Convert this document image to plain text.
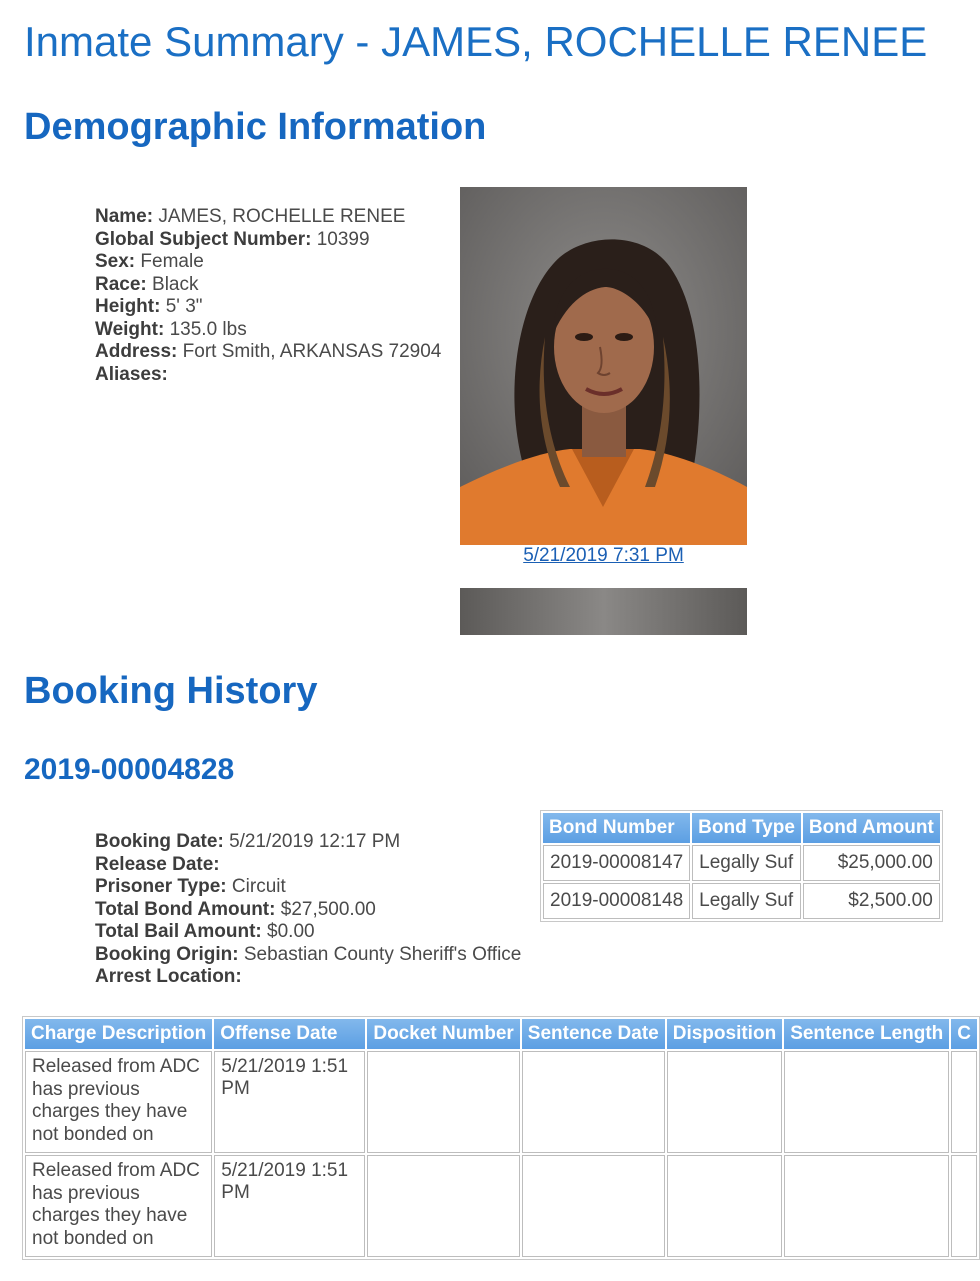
Inmate Summary - JAMES, ROCHELLE RENEE
Demographic Information
Name: JAMES, ROCHELLE RENEE
Global Subject Number: 10399
Sex: Female
Race: Black
Height: 5' 3"
Weight: 135.0 lbs
Address: Fort Smith, ARKANSAS 72904
Aliases:
5/21/2019 7:31 PM
Booking History
2019-00004828
Booking Date: 5/21/2019 12:17 PM
Release Date:
Prisoner Type: Circuit
Total Bond Amount: $27,500.00
Total Bail Amount: $0.00
Booking Origin: Sebastian County Sheriff's Office
Arrest Location:
Bond Number	Bond Type	Bond Amount
2019-00008147	Legally Suf	$25,000.00
2019-00008148	Legally Suf	$2,500.00
Charge Description	Offense Date	Docket Number	Sentence Date	Disposition	Sentence Length	C
Released from ADC has previous charges they have not bonded on	5/21/2019 1:51 PM					
Released from ADC has previous charges they have not bonded on	5/21/2019 1:51 PM					
